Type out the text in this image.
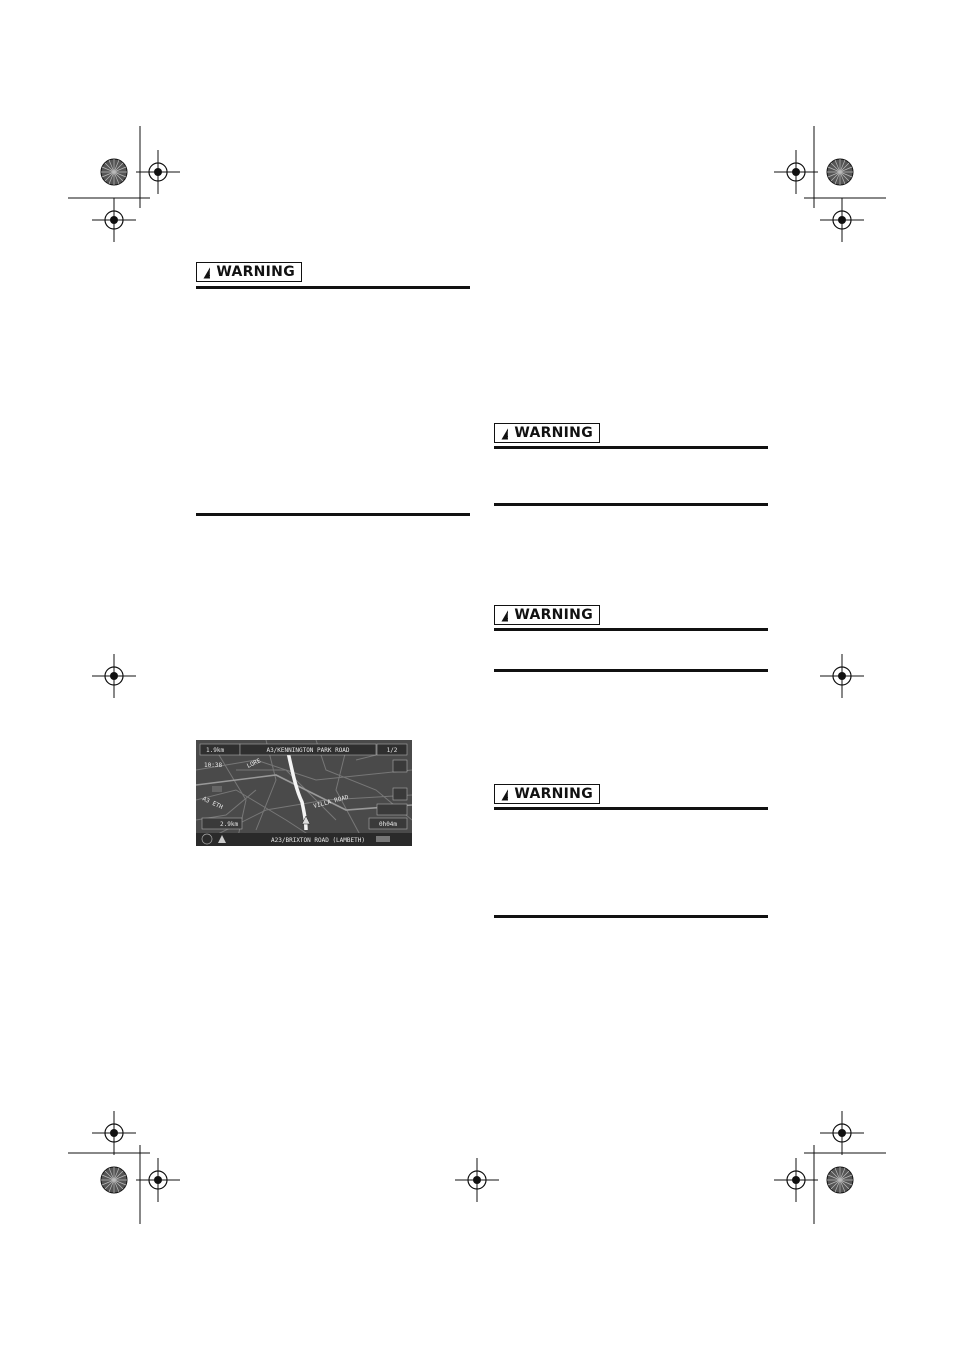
WARNING
1.9km	A3/KENNINGTON PARK ROAD	1/2
10:38
2.9km	0h04m
A23/BRIXTON ROAD (LAMBETH)
LORE
VILLA ROAD
A3 ETH
WARNING
WARNING
WARNING
